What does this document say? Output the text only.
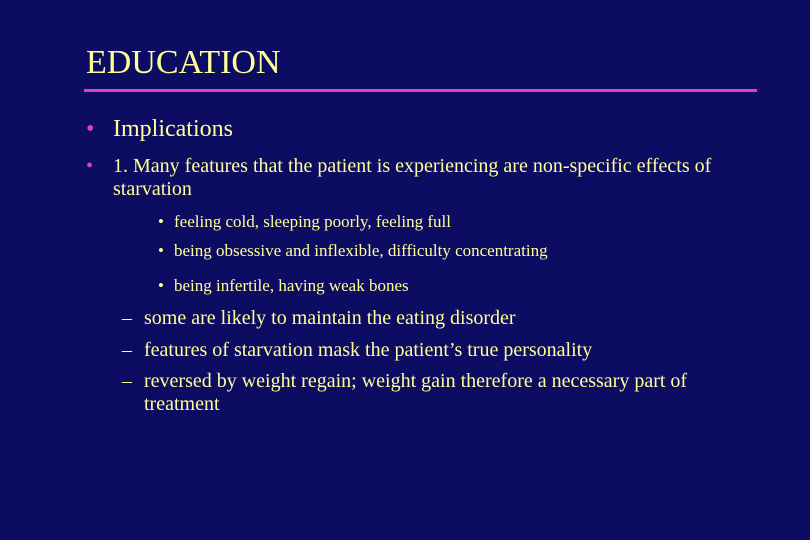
EDUCATION
• Implications
• 1. Many features that the patient is experiencing are non-specific effects of starvation
• feeling cold, sleeping poorly, feeling full
• being obsessive and inflexible, difficulty concentrating
• being infertile, having weak bones
– some are likely to maintain the eating disorder
– features of starvation mask the patient’s true personality
– reversed by weight regain; weight gain therefore a necessary part of treatment
